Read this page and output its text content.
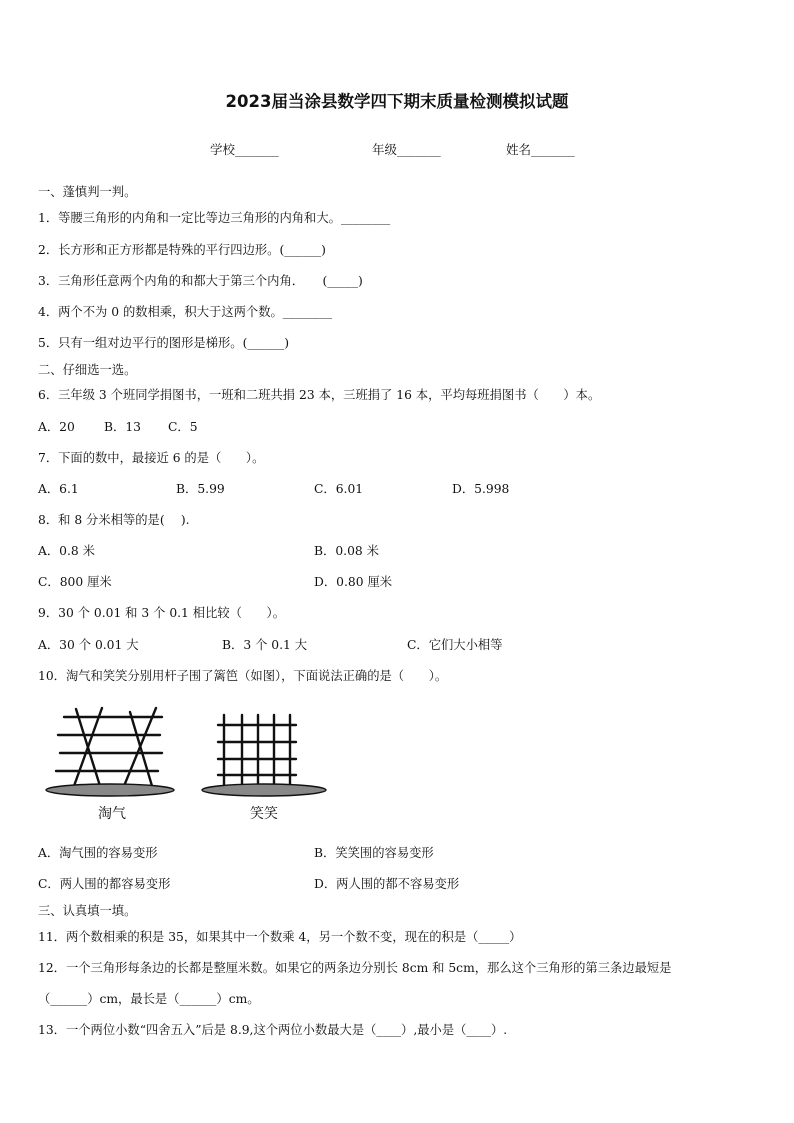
2023届当涂县数学四下期末质量检测模拟试题
学校_______	年级_______	姓名_______
一、蓬慎判一判。
1．等腰三角形的内角和一定比等边三角形的内角和大。________
2．长方形和正方形都是特殊的平行四边形。(______)
3．三角形任意两个内角的和都大于第三个内角．　　(_____)
4．两个不为 0 的数相乘，积大于这两个数。________
5．只有一组对边平行的图形是梯形。(______)
二、仔细选一选。
6．三年级 3 个班同学捐图书，一班和二班共捐 23 本，三班捐了 16 本，平均每班捐图书（　　）本。
A．20 B．13 C．5
7．下面的数中，最接近 6 的是（　　）。
A．6.1	B．5.99	C．6.01	D．5.998
8．和 8 分米相等的是(　 ).
A．0.8 米	B．0.08 米
C．800 厘米	D．0.80 厘米
9．30 个 0.01 和 3 个 0.1 相比较（　　）。
A．30 个 0.01 大	B．3 个 0.1 大	C．它们大小相等
10．淘气和笑笑分别用杆子围了篱笆（如图），下面说法正确的是（　　）。
淘气	笑笑
A．淘气围的容易变形	B．笑笑围的容易变形
C．两人围的都容易变形	D．两人围的都不容易变形
三、认真填一填。
11．两个数相乘的积是 35，如果其中一个数乘 4，另一个数不变，现在的积是（_____）
12．一个三角形每条边的长都是整厘米数。如果它的两条边分别长 8cm 和 5cm，那么这个三角形的第三条边最短是
（______）cm，最长是（______）cm。
13．一个两位小数“四舍五入”后是 8.9,这个两位小数最大是（____）,最小是（____）.
